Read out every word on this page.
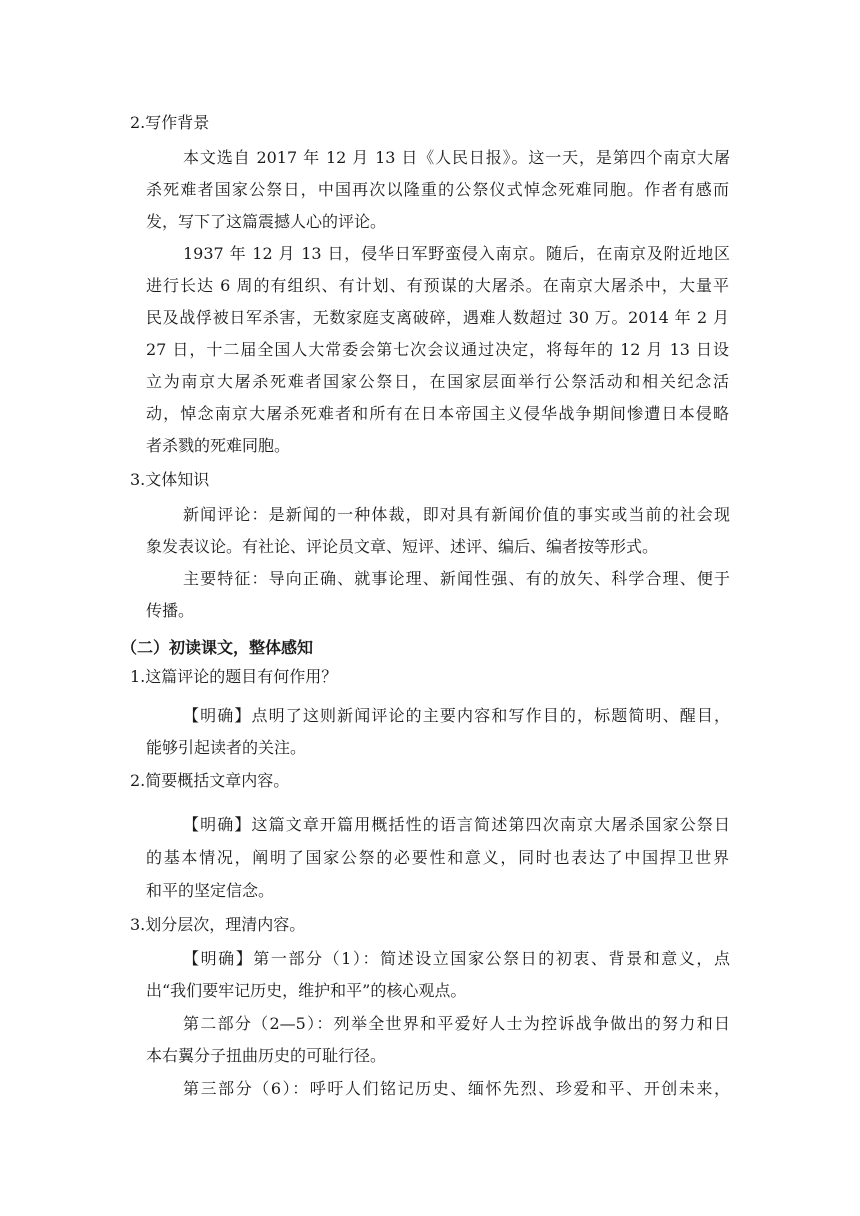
2.写作背景
本文选自 2017 年 12 月 13 日《人民日报》。这一天，是第四个南京大屠
杀死难者国家公祭日，中国再次以隆重的公祭仪式悼念死难同胞。作者有感而
发，写下了这篇震撼人心的评论。
1937 年 12 月 13 日，侵华日军野蛮侵入南京。随后，在南京及附近地区
进行长达 6 周的有组织、有计划、有预谋的大屠杀。在南京大屠杀中，大量平
民及战俘被日军杀害，无数家庭支离破碎，遇难人数超过 30 万。2014 年 2 月
27 日，十二届全国人大常委会第七次会议通过决定，将每年的 12 月 13 日设
立为南京大屠杀死难者国家公祭日，在国家层面举行公祭活动和相关纪念活
动，悼念南京大屠杀死难者和所有在日本帝国主义侵华战争期间惨遭日本侵略
者杀戮的死难同胞。
3.文体知识
新闻评论：是新闻的一种体裁，即对具有新闻价值的事实或当前的社会现
象发表议论。有社论、评论员文章、短评、述评、编后、编者按等形式。
主要特征：导向正确、就事论理、新闻性强、有的放矢、科学合理、便于
传播。
（二）初读课文，整体感知
1.这篇评论的题目有何作用？
【明确】点明了这则新闻评论的主要内容和写作目的，标题简明、醒目，
能够引起读者的关注。
2.简要概括文章内容。
【明确】这篇文章开篇用概括性的语言简述第四次南京大屠杀国家公祭日
的基本情况，阐明了国家公祭的必要性和意义，同时也表达了中国捍卫世界
和平的坚定信念。
3.划分层次，理清内容。
【明确】第一部分（1）：简述设立国家公祭日的初衷、背景和意义，点
出“我们要牢记历史，维护和平”的核心观点。
第二部分（2—5）：列举全世界和平爱好人士为控诉战争做出的努力和日
本右翼分子扭曲历史的可耻行径。
第三部分（6）：呼吁人们铭记历史、缅怀先烈、珍爱和平、开创未来，
